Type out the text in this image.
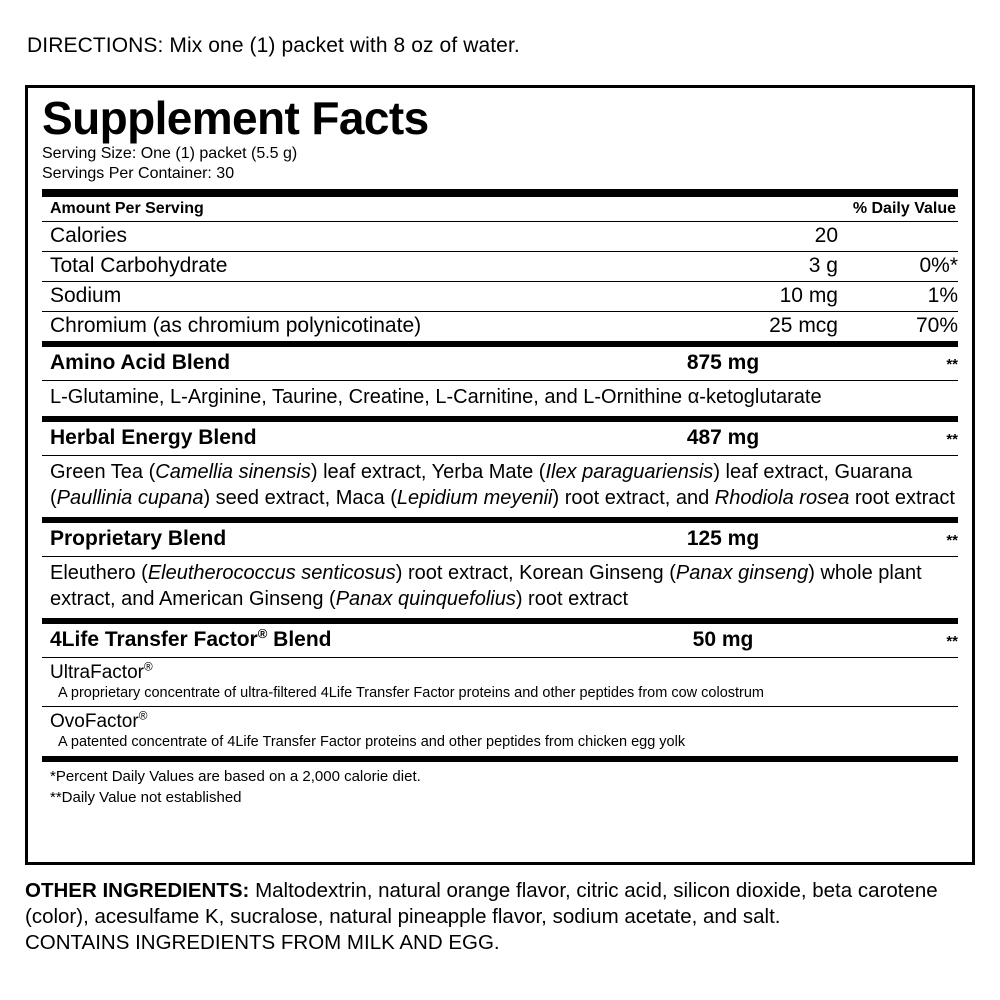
DIRECTIONS: Mix one (1) packet with 8 oz of water.
Supplement Facts
Serving Size: One (1) packet (5.5 g)
Servings Per Container: 30
Amount Per Serving	% Daily Value
Calories	20
Total Carbohydrate	3 g	0%*
Sodium	10 mg	1%
Chromium (as chromium polynicotinate)	25 mcg	70%
Amino Acid Blend	875 mg	**
L-Glutamine, L-Arginine, Taurine, Creatine, L-Carnitine, and L-Ornithine α-ketoglutarate
Herbal Energy Blend	487 mg	**
Green Tea (Camellia sinensis) leaf extract, Yerba Mate (Ilex paraguariensis) leaf extract, Guarana (Paullinia cupana) seed extract, Maca (Lepidium meyenii) root extract, and Rhodiola rosea root extract
Proprietary Blend	125 mg	**
Eleuthero (Eleutherococcus senticosus) root extract, Korean Ginseng (Panax ginseng) whole plant extract, and American Ginseng (Panax quinquefolius) root extract
4Life Transfer Factor® Blend	50 mg	**
UltraFactor®
A proprietary concentrate of ultra-filtered 4Life Transfer Factor proteins and other peptides from cow colostrum
OvoFactor®
A patented concentrate of 4Life Transfer Factor proteins and other peptides from chicken egg yolk
*Percent Daily Values are based on a 2,000 calorie diet.
**Daily Value not established
OTHER INGREDIENTS: Maltodextrin, natural orange flavor, citric acid, silicon dioxide, beta carotene (color), acesulfame K, sucralose, natural pineapple flavor, sodium acetate, and salt.
CONTAINS INGREDIENTS FROM MILK AND EGG.
